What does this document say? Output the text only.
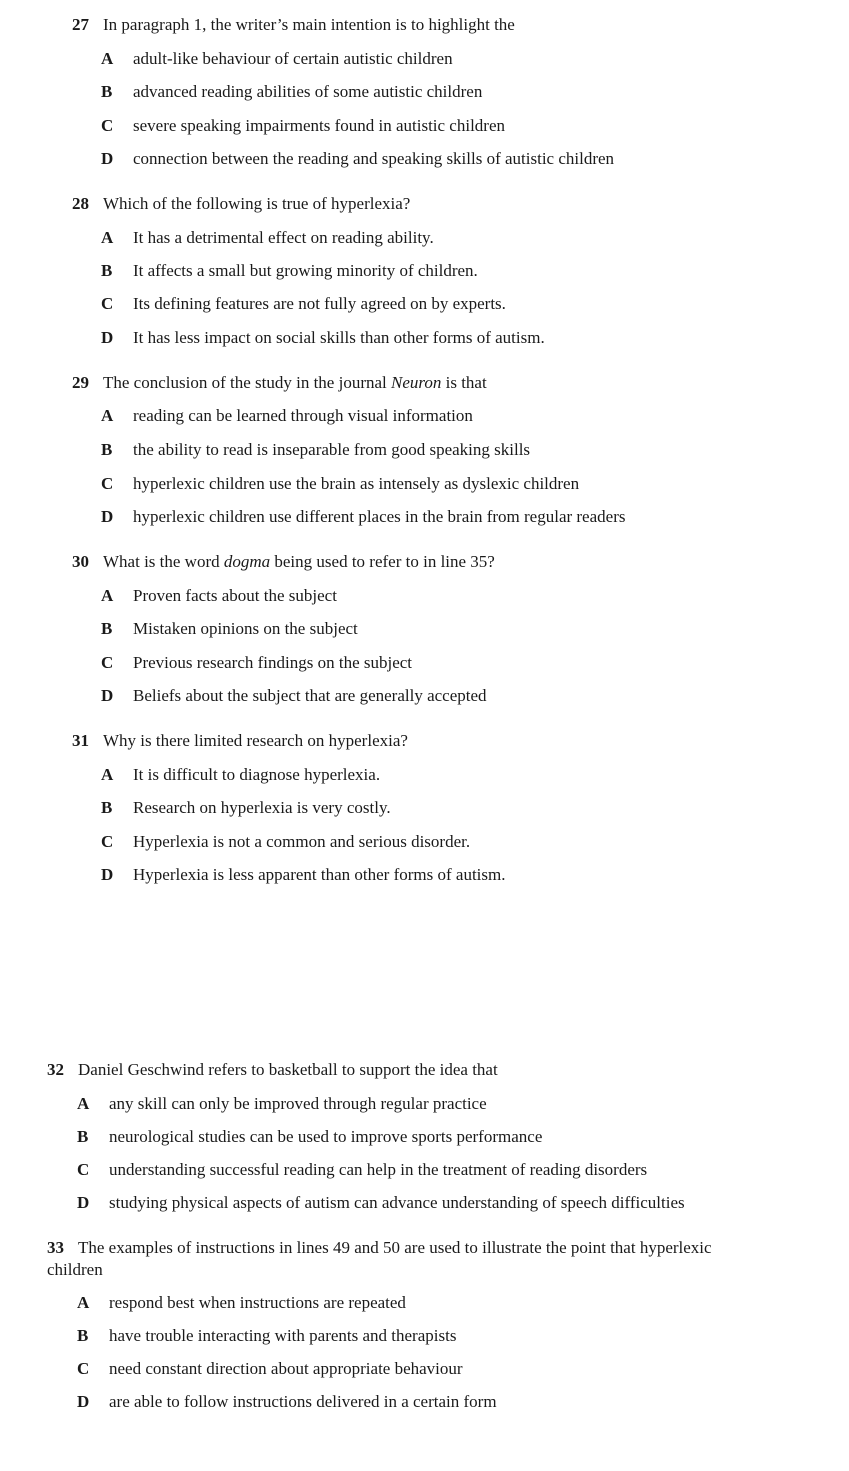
27 In paragraph 1, the writer’s main intention is to highlight the
A adult-like behaviour of certain autistic children
B advanced reading abilities of some autistic children
C severe speaking impairments found in autistic children
D connection between the reading and speaking skills of autistic children
28 Which of the following is true of hyperlexia?
A It has a detrimental effect on reading ability.
B It affects a small but growing minority of children.
C Its defining features are not fully agreed on by experts.
D It has less impact on social skills than other forms of autism.
29 The conclusion of the study in the journal Neuron is that
A reading can be learned through visual information
B the ability to read is inseparable from good speaking skills
C hyperlexic children use the brain as intensely as dyslexic children
D hyperlexic children use different places in the brain from regular readers
30 What is the word dogma being used to refer to in line 35?
A Proven facts about the subject
B Mistaken opinions on the subject
C Previous research findings on the subject
D Beliefs about the subject that are generally accepted
31 Why is there limited research on hyperlexia?
A It is difficult to diagnose hyperlexia.
B Research on hyperlexia is very costly.
C Hyperlexia is not a common and serious disorder.
D Hyperlexia is less apparent than other forms of autism.
32 Daniel Geschwind refers to basketball to support the idea that
A any skill can only be improved through regular practice
B neurological studies can be used to improve sports performance
C understanding successful reading can help in the treatment of reading disorders
D studying physical aspects of autism can advance understanding of speech difficulties
33 The examples of instructions in lines 49 and 50 are used to illustrate the point that hyperlexic
children
A respond best when instructions are repeated
B have trouble interacting with parents and therapists
C need constant direction about appropriate behaviour
D are able to follow instructions delivered in a certain form
